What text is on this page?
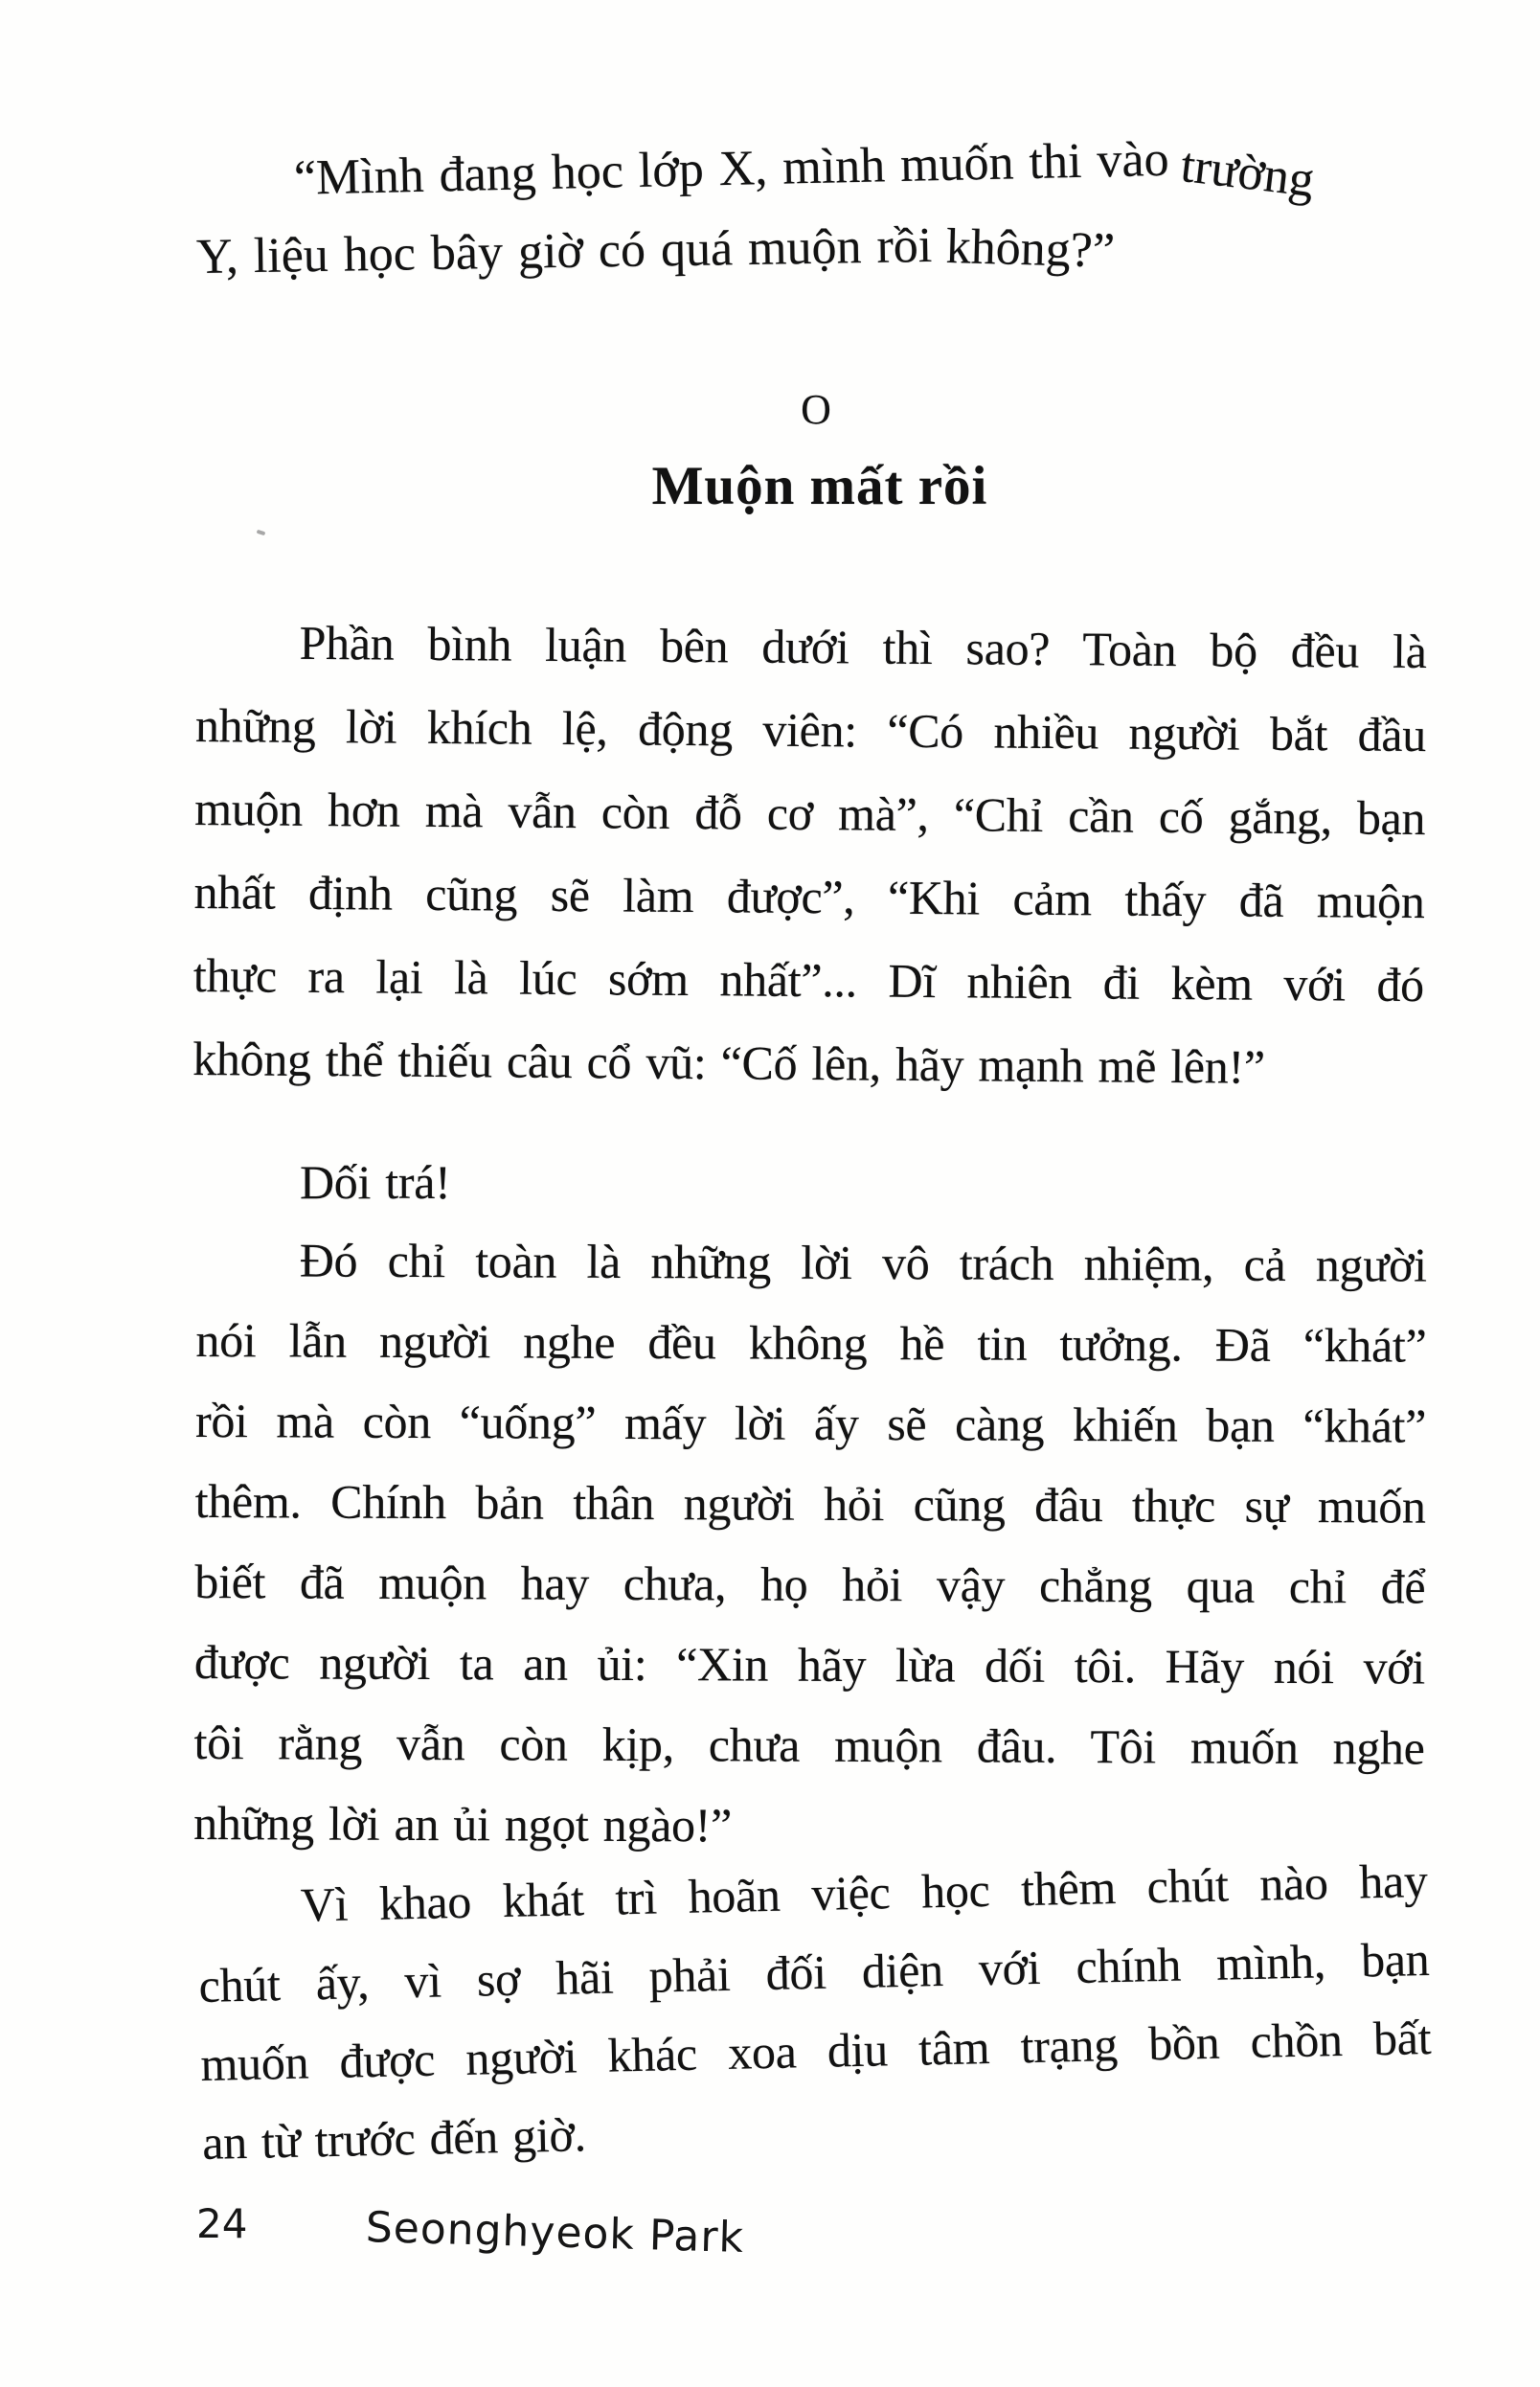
“Mình đang học lớp X, mình muốn thi vào trường
Y, liệu học bây giờ có quá muộn rồi không?”
O
Muộn mất rồi
Phần bình luận bên dưới thì sao? Toàn bộ đều là
những lời khích lệ, động viên: “Có nhiều người bắt đầu
muộn hơn mà vẫn còn đỗ cơ mà”, “Chỉ cần cố gắng, bạn
nhất định cũng sẽ làm được”, “Khi cảm thấy đã muộn
thực ra lại là lúc sớm nhất”... Dĩ nhiên đi kèm với đó
không thể thiếu câu cổ vũ: “Cố lên, hãy mạnh mẽ lên!”
Dối trá!
Đó chỉ toàn là những lời vô trách nhiệm, cả người
nói lẫn người nghe đều không hề tin tưởng. Đã “khát”
rồi mà còn “uống” mấy lời ấy sẽ càng khiến bạn “khát”
thêm. Chính bản thân người hỏi cũng đâu thực sự muốn
biết đã muộn hay chưa, họ hỏi vậy chẳng qua chỉ để
được người ta an ủi: “Xin hãy lừa dối tôi. Hãy nói với
tôi rằng vẫn còn kịp, chưa muộn đâu. Tôi muốn nghe
những lời an ủi ngọt ngào!”
Vì khao khát trì hoãn việc học thêm chút nào hay
chút ấy, vì sợ hãi phải đối diện với chính mình, bạn
muốn được người khác xoa dịu tâm trạng bồn chồn bất
an từ trước đến giờ.
24	Seonghyeok Park
